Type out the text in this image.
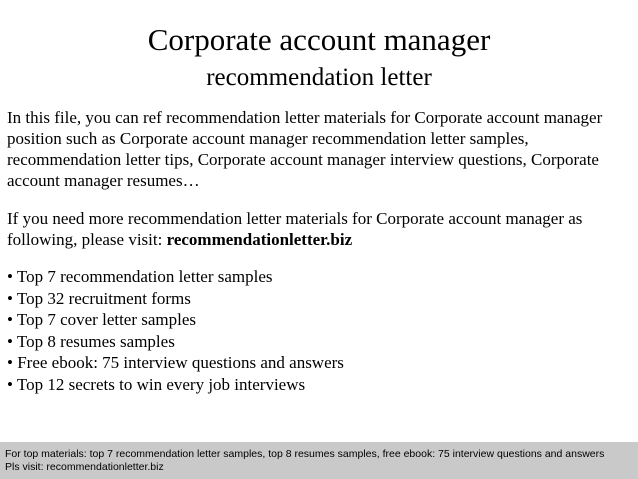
Corporate account manager
recommendation letter

In this file, you can ref recommendation letter materials for Corporate account manager position such as Corporate account manager recommendation letter samples, recommendation letter tips, Corporate account manager interview questions, Corporate account manager resumes…

If you need more recommendation letter materials for Corporate account manager as following, please visit: recommendationletter.biz

• Top 7 recommendation letter samples
• Top 32 recruitment forms
• Top 7 cover letter samples
• Top 8 resumes samples
• Free ebook: 75 interview questions and answers
• Top 12 secrets to win every job interviews
For top materials: top 7 recommendation letter samples, top 8 resumes samples, free ebook: 75 interview questions and answers
Pls visit: recommendationletter.biz
